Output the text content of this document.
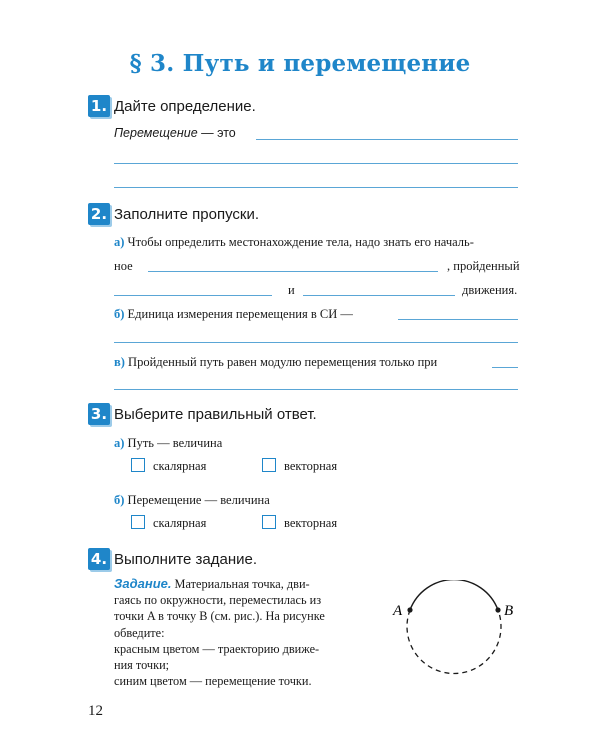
§ 3. Путь и перемещение
1. Дайте определение.
Перемещение — это
2. Заполните пропуски.
а) Чтобы определить местонахождение тела, надо знать его началь-
ное	, пройденный
и	движения.
б) Единица измерения перемещения в СИ —
в) Пройденный путь равен модулю перемещения только при
3. Выберите правильный ответ.
а) Путь — величина
скалярная	векторная
б) Перемещение — величина
скалярная	векторная
4. Выполните задание.
Задание. Материальная точка, дви-
гаясь по окружности, переместилась из
точки A в точку B (см. рис.). На рисунке
обведите:
красным цветом — траекторию движе-
ния точки;
синим цветом — перемещение точки.
A	B
12
